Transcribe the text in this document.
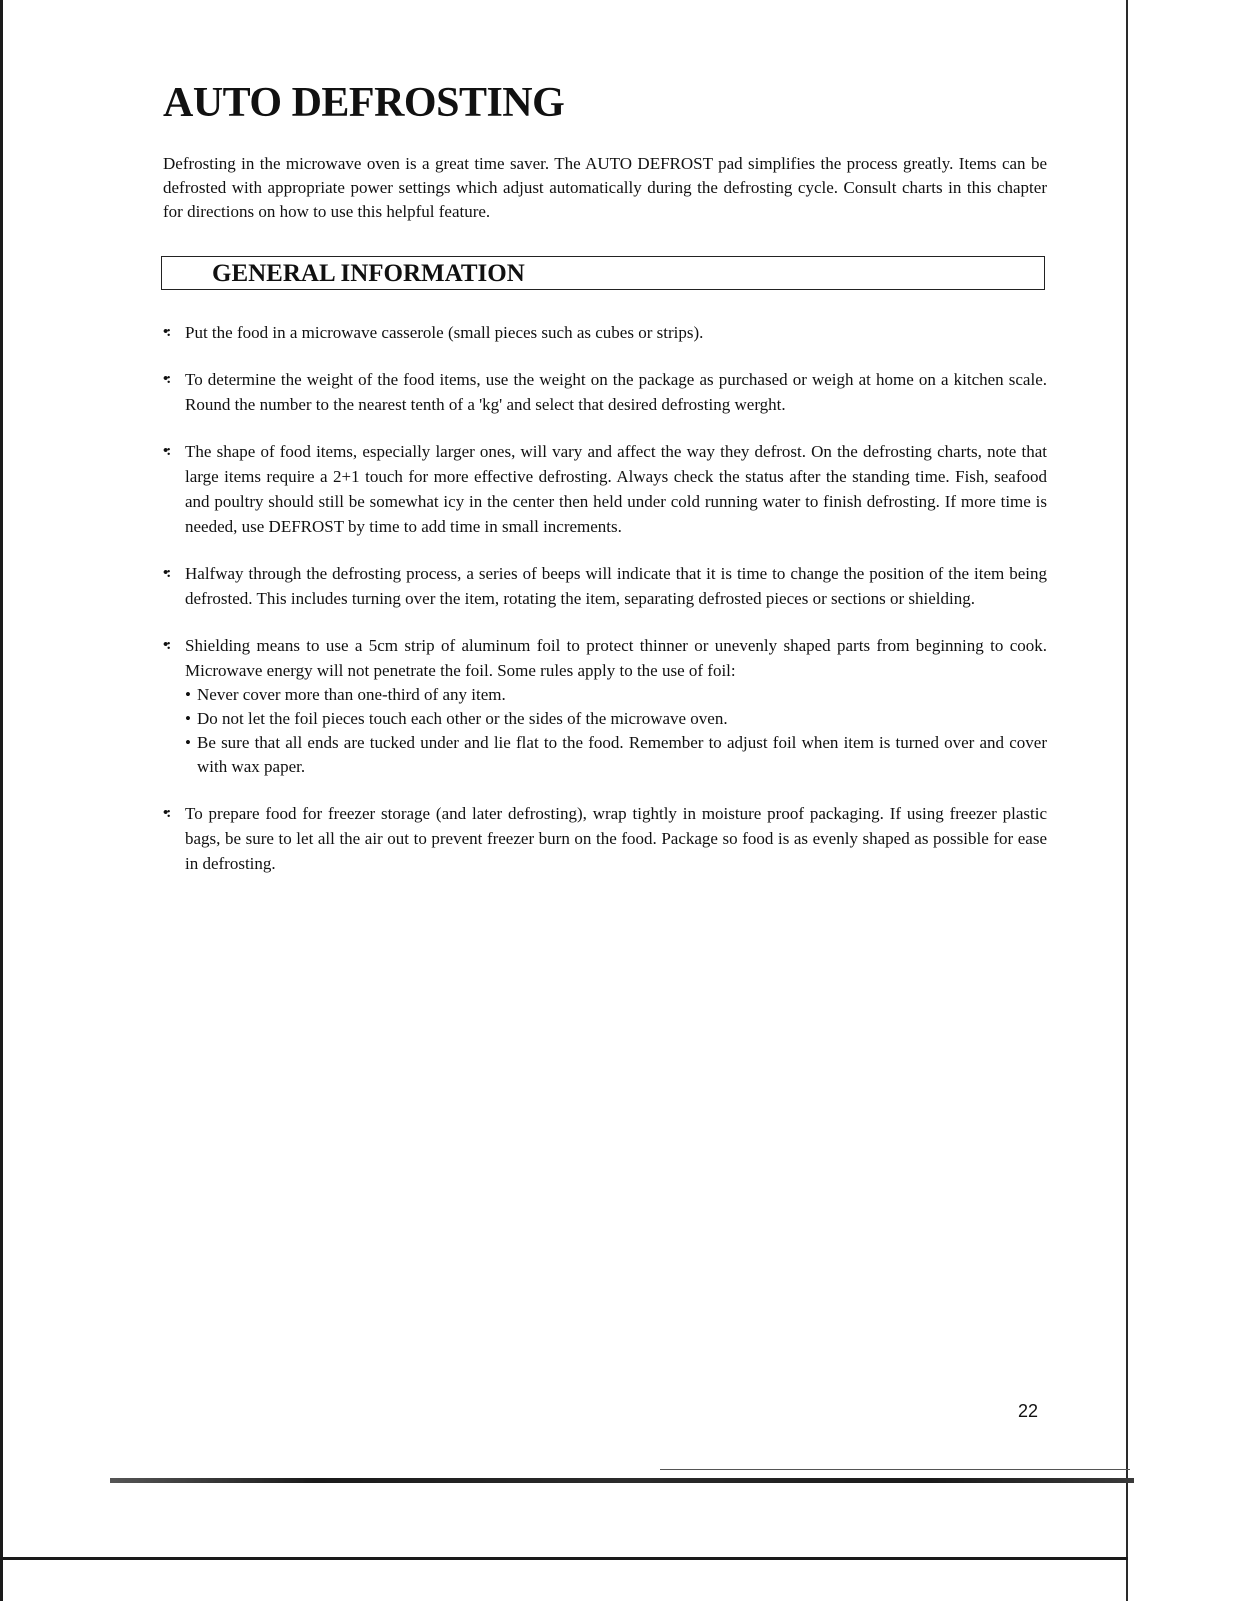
AUTO DEFROSTING

Defrosting in the microwave oven is a great time saver. The AUTO DEFROST pad simplifies the process greatly. Items can be defrosted with appropriate power settings which adjust automatically during the defrosting cycle. Consult charts in this chapter for directions on how to use this helpful feature.

GENERAL INFORMATION
•: Put the food in a microwave casserole (small pieces such as cubes or strips).
•: To determine the weight of the food items, use the weight on the package as purchased or weigh at home on a kitchen scale. Round the number to the nearest tenth of a 'kg' and select that desired defrosting werght.
•: The shape of food items, especially larger ones, will vary and affect the way they defrost. On the defrosting charts, note that large items require a 2+1 touch for more effective defrosting. Always check the status after the standing time. Fish, seafood and poultry should still be somewhat icy in the center then held under cold running water to finish defrosting. If more time is needed, use DEFROST by time to add time in small increments.
•: Halfway through the defrosting process, a series of beeps will indicate that it is time to change the position of the item being defrosted. This includes turning over the item, rotating the item, separating defrosted pieces or sections or shielding.
•: Shielding means to use a 5cm strip of aluminum foil to protect thinner or unevenly shaped parts from beginning to cook. Microwave energy will not penetrate the foil. Some rules apply to the use of foil:
• Never cover more than one-third of any item.
• Do not let the foil pieces touch each other or the sides of the microwave oven.
• Be sure that all ends are tucked under and lie flat to the food. Remember to adjust foil when item is turned over and cover with wax paper.
•: To prepare food for freezer storage (and later defrosting), wrap tightly in moisture proof packaging. If using freezer plastic bags, be sure to let all the air out to prevent freezer burn on the food. Package so food is as evenly shaped as possible for ease in defrosting.

22
